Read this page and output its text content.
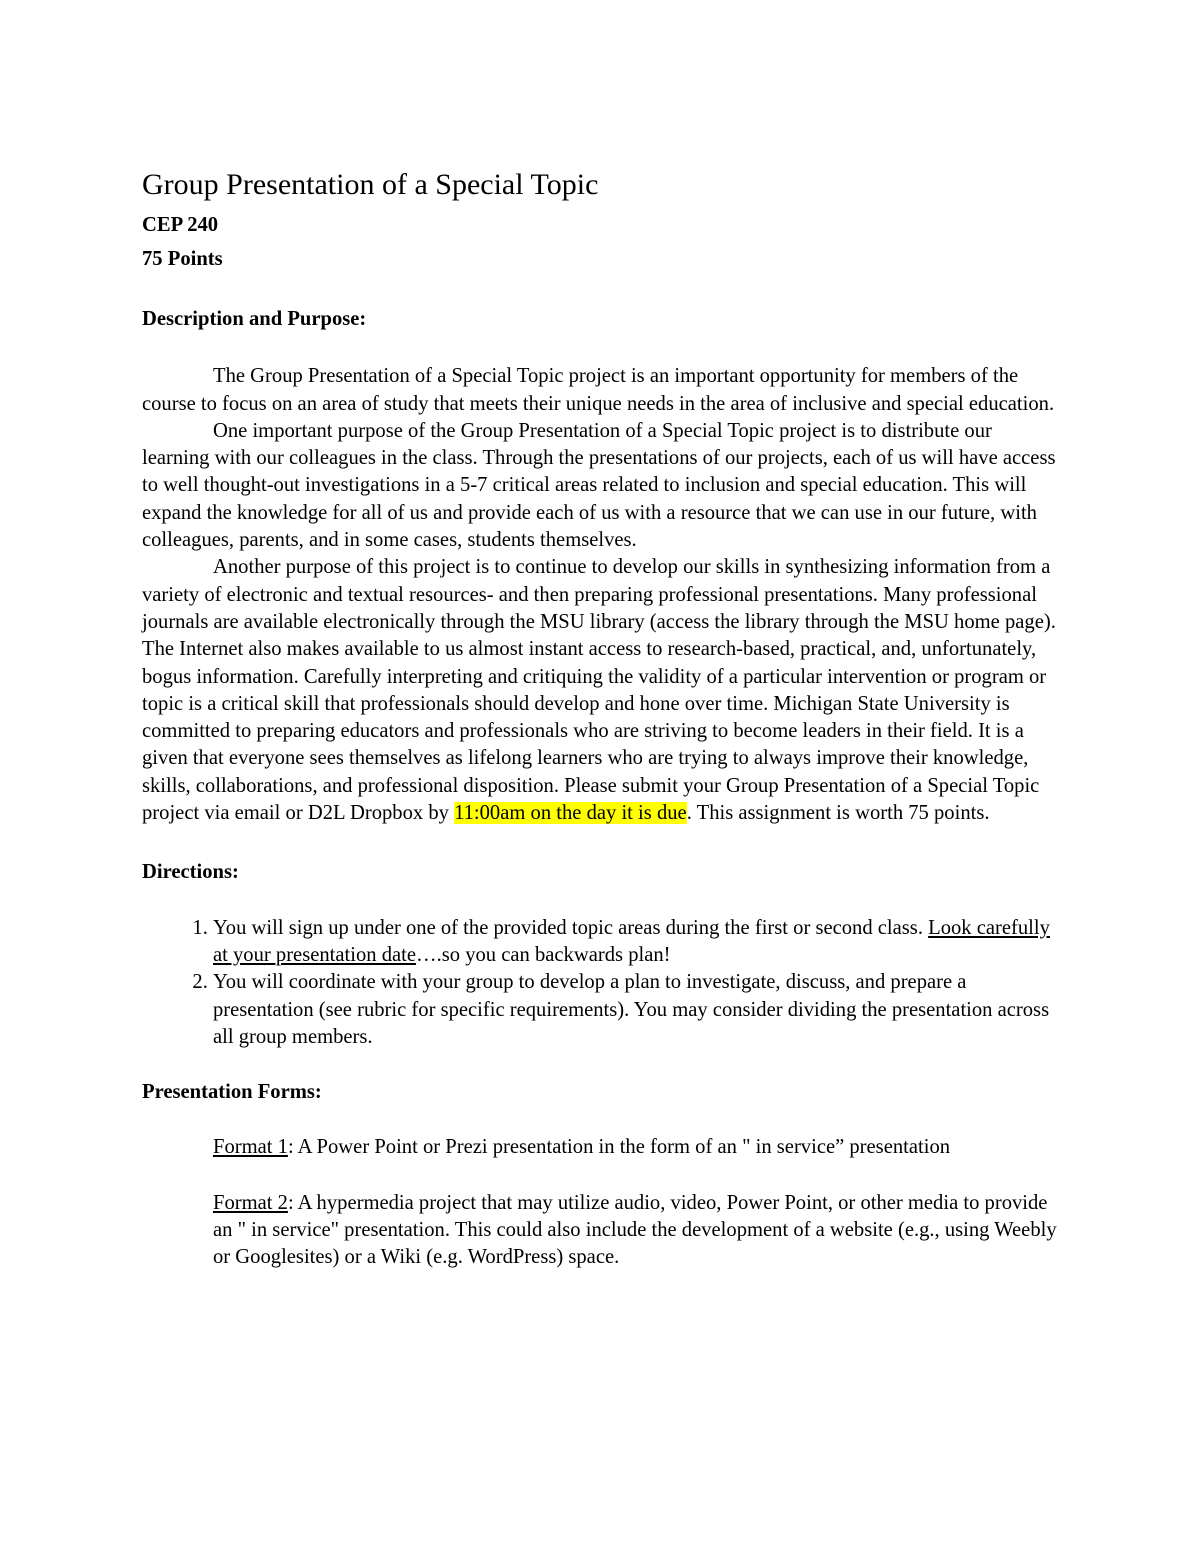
Group Presentation of a Special Topic

CEP 240

75 Points

Description and Purpose:

The Group Presentation of a Special Topic project is an important opportunity for members of the course to focus on an area of study that meets their unique needs in the area of inclusive and special education.

One important purpose of the Group Presentation of a Special Topic project is to distribute our learning with our colleagues in the class. Through the presentations of our projects, each of us will have access to well thought-out investigations in a 5-7 critical areas related to inclusion and special education. This will expand the knowledge for all of us and provide each of us with a resource that we can use in our future, with colleagues, parents, and in some cases, students themselves.

Another purpose of this project is to continue to develop our skills in synthesizing information from a variety of electronic and textual resources- and then preparing professional presentations. Many professional journals are available electronically through the MSU library (access the library through the MSU home page). The Internet also makes available to us almost instant access to research-based, practical, and, unfortunately, bogus information. Carefully interpreting and critiquing the validity of a particular intervention or program or topic is a critical skill that professionals should develop and hone over time. Michigan State University is committed to preparing educators and professionals who are striving to become leaders in their field. It is a given that everyone sees themselves as lifelong learners who are trying to always improve their knowledge, skills, collaborations, and professional disposition. Please submit your Group Presentation of a Special Topic project via email or D2L Dropbox by 11:00am on the day it is due. This assignment is worth 75 points.

Directions:

1. You will sign up under one of the provided topic areas during the first or second class. Look carefully at your presentation date….so you can backwards plan!
2. You will coordinate with your group to develop a plan to investigate, discuss, and prepare a presentation (see rubric for specific requirements). You may consider dividing the presentation across all group members.

Presentation Forms:

Format 1: A Power Point or Prezi presentation in the form of an " in service” presentation

Format 2: A hypermedia project that may utilize audio, video, Power Point, or other media to provide an " in service" presentation. This could also include the development of a website (e.g., using Weebly or Googlesites) or a Wiki (e.g. WordPress) space.
